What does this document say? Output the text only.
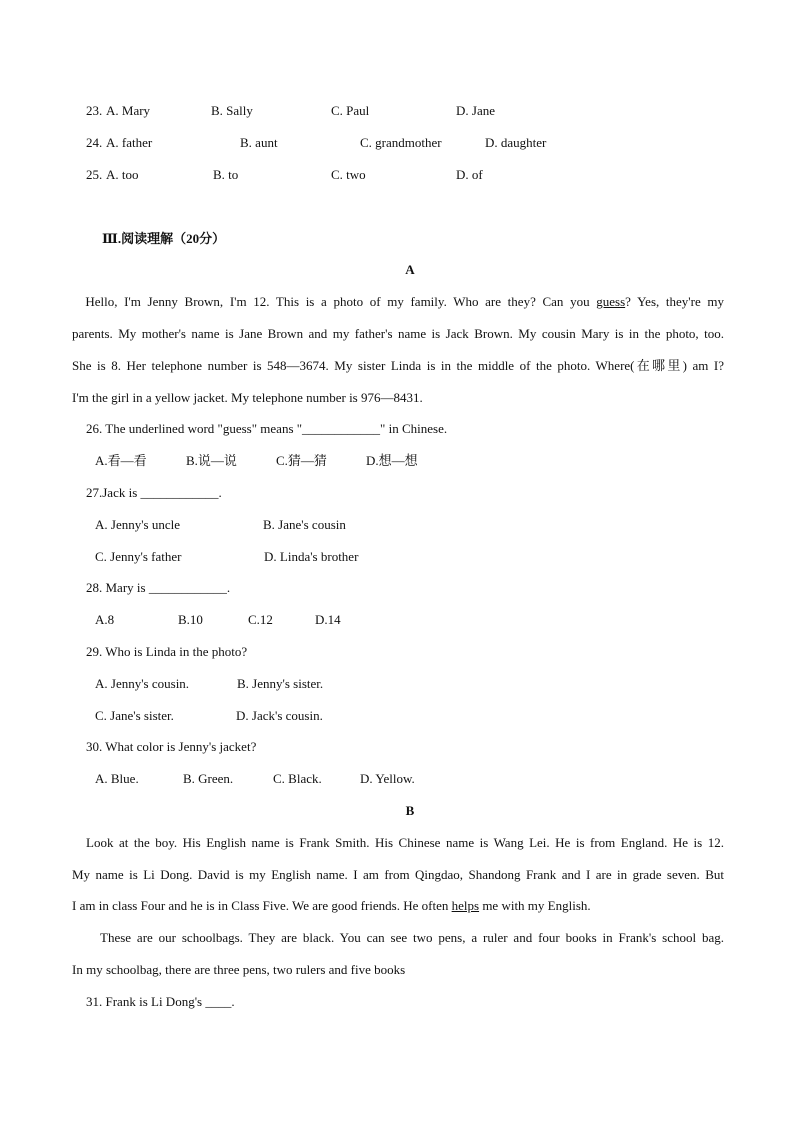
23. A. Mary	B. Sally	C. Paul	D. Jane
24. A. father	B. aunt	C. grandmother	D. daughter
25. A. too	B. to	C. two	D. of
Ⅲ.阅读理解（20分）
A
Hello, I'm Jenny Brown, I'm 12. This is a photo of my family. Who are they? Can you guess? Yes, they're my
parents. My mother's name is Jane Brown and my father's name is Jack Brown. My cousin Mary is in the photo, too.
She is 8. Her telephone number is 548—3674. My sister Linda is in the middle of the photo. Where(在哪里) am I?
I'm the girl in a yellow jacket. My telephone number is 976—8431.
26. The underlined word "guess" means "____________" in Chinese.
A.看—看	B.说—说	C.猜—猜	D.想—想
27.Jack is ____________.
A. Jenny's uncle	B. Jane's cousin
C. Jenny's father	D. Linda's brother
28. Mary is ____________.
A.8	B.10	C.12	D.14
29. Who is Linda in the photo?
A. Jenny's cousin.	B. Jenny's sister.
C. Jane's sister.	D. Jack's cousin.
30. What color is Jenny's jacket?
A. Blue.	B. Green.	C. Black.	D. Yellow.
B
Look at the boy. His English name is Frank Smith. His Chinese name is Wang Lei. He is from England. He is 12.
My name is Li Dong. David is my English name. I am from Qingdao, Shandong Frank and I are in grade seven. But
I am in class Four and he is in Class Five. We are good friends. He often helps me with my English.
These are our schoolbags. They are black. You can see two pens, a ruler and four books in Frank's school bag.
In my schoolbag, there are three pens, two rulers and five books
31. Frank is Li Dong's ____.
